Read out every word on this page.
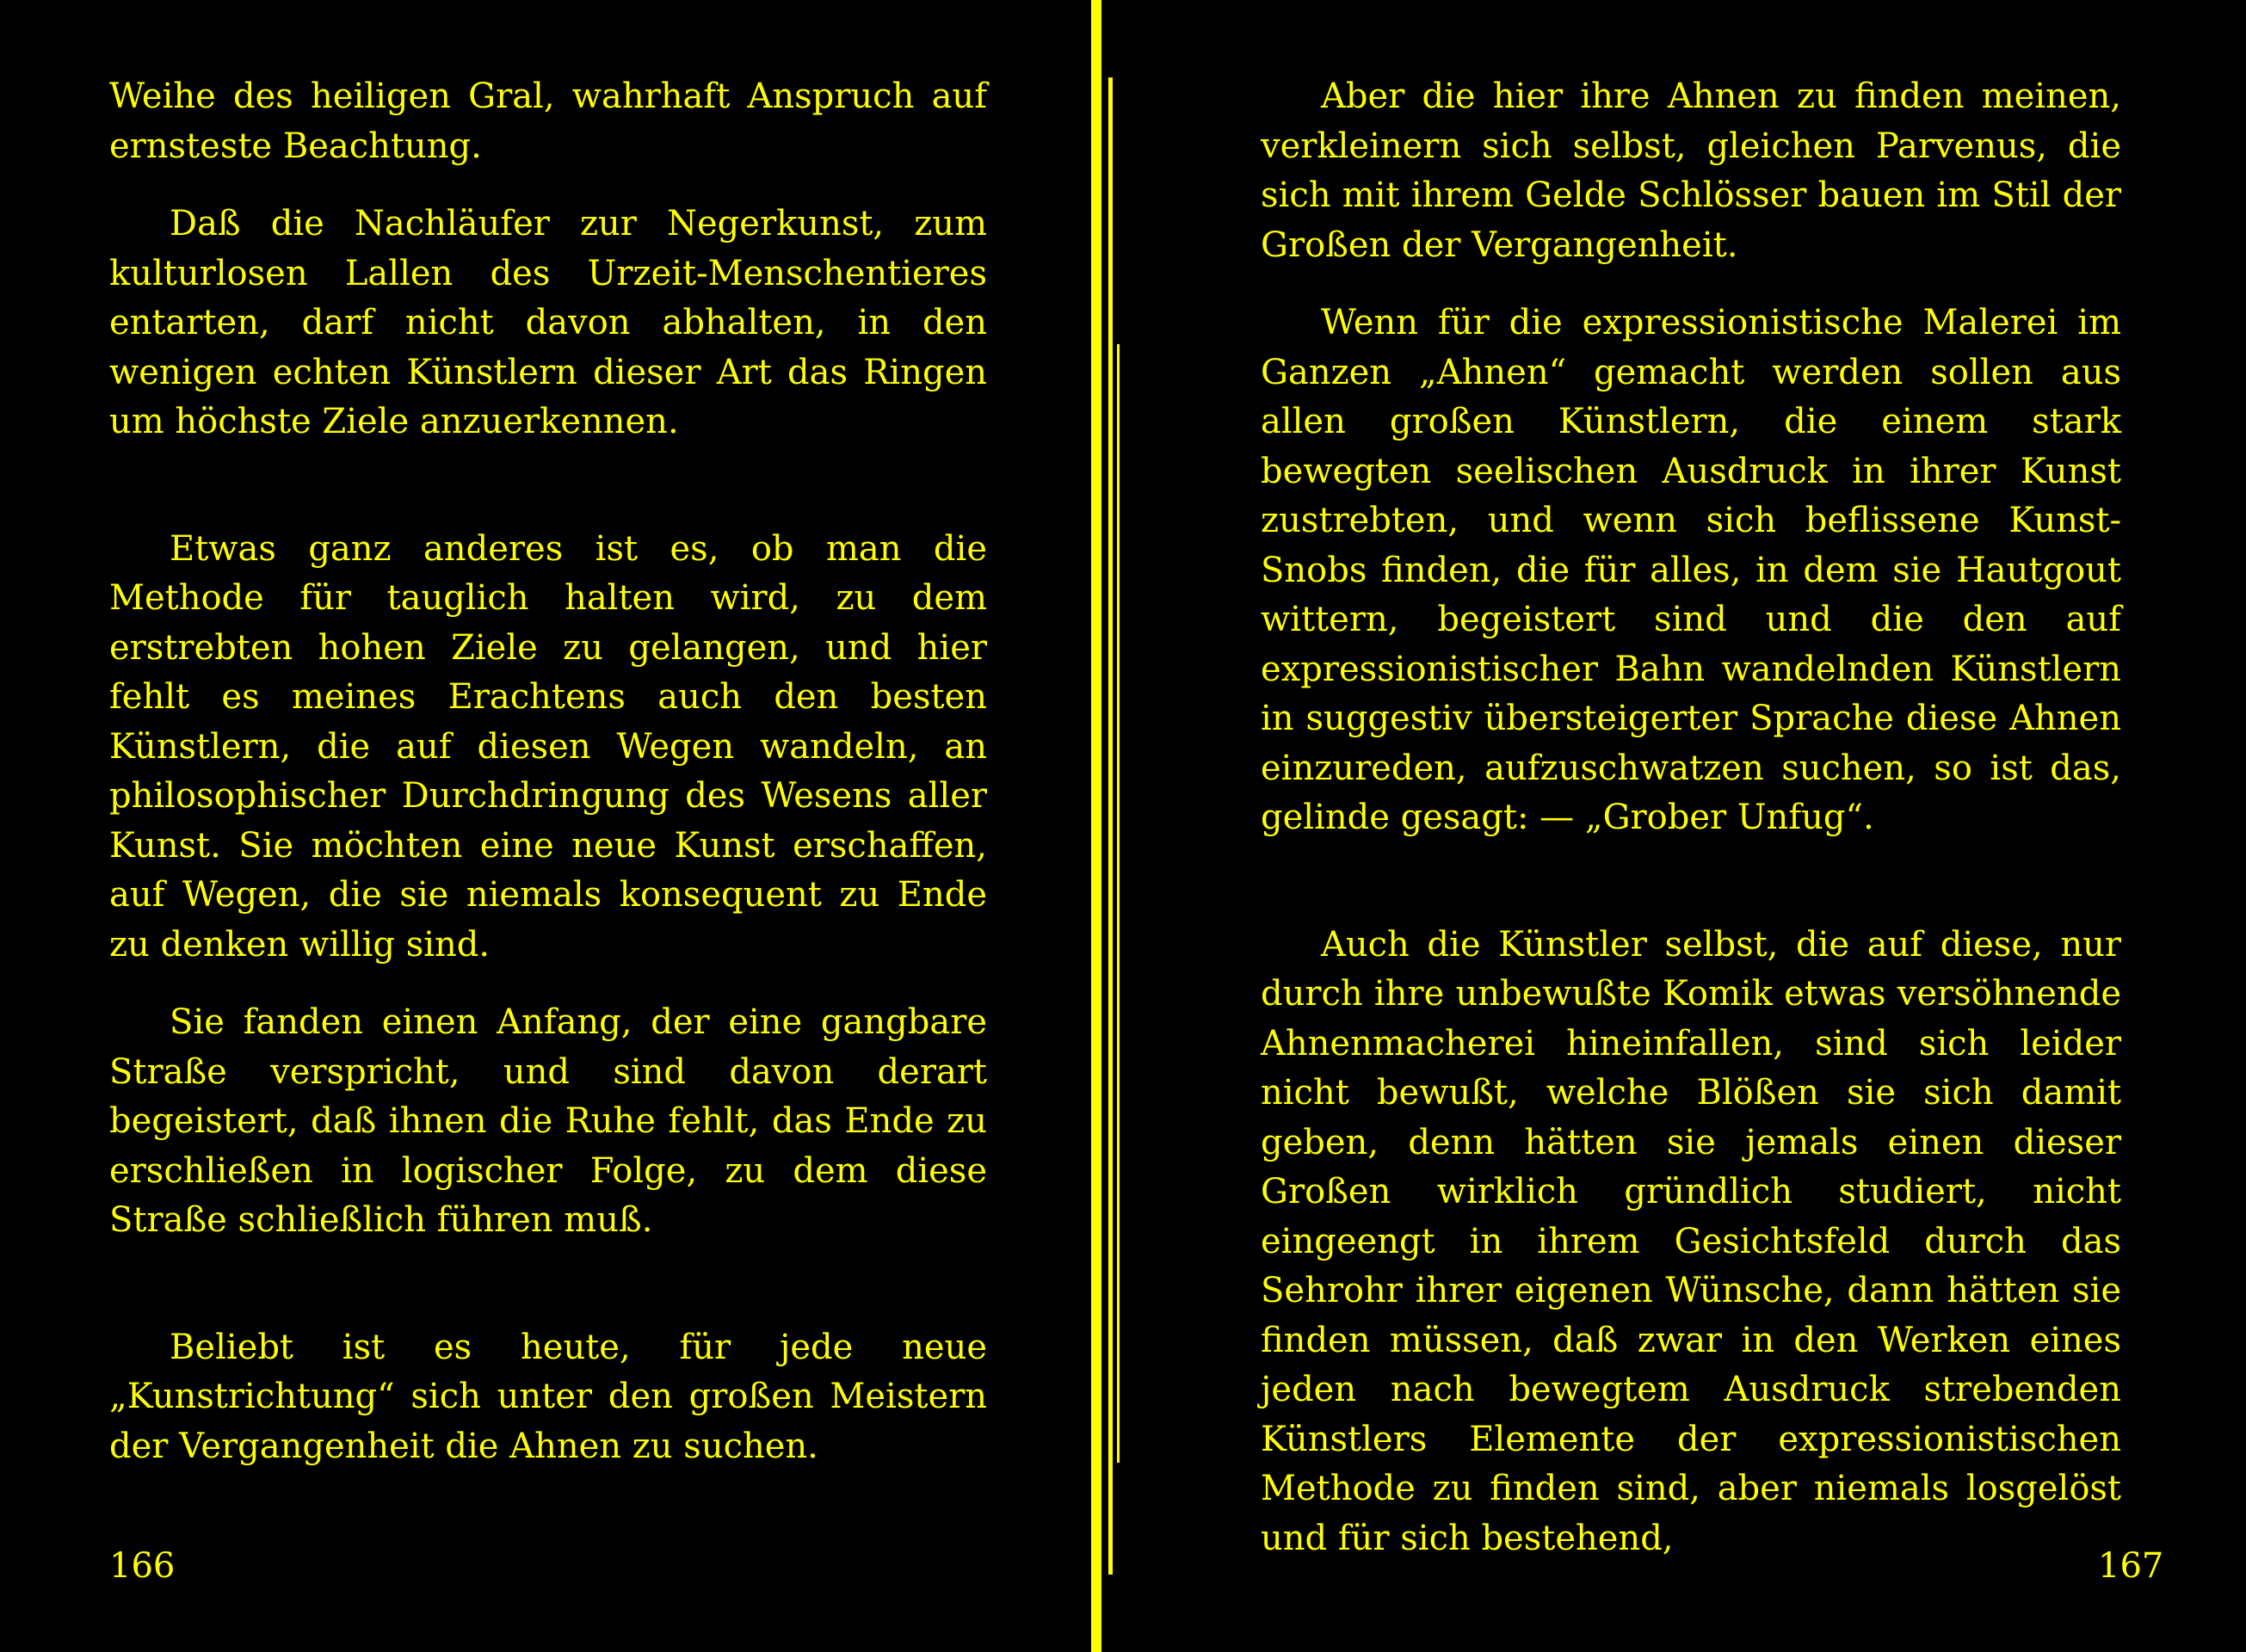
Weihe des heiligen Gral, wahrhaft Anspruch auf ernsteste Beachtung.

Daß die Nachläufer zur Negerkunst, zum kulturlosen Lallen des Urzeit-Menschentieres entarten, darf nicht davon abhalten, in den wenigen echten Künstlern dieser Art das Ringen um höchste Ziele anzuerkennen.

Etwas ganz anderes ist es, ob man die Methode für tauglich halten wird, zu dem erstrebten hohen Ziele zu gelangen, und hier fehlt es meines Erachtens auch den besten Künstlern, die auf diesen Wegen wandeln, an philosophischer Durchdringung des Wesens aller Kunst. Sie möchten eine neue Kunst erschaffen, auf Wegen, die sie niemals konsequent zu Ende zu denken willig sind.

Sie fanden einen Anfang, der eine gangbare Straße verspricht, und sind davon derart begeistert, daß ihnen die Ruhe fehlt, das Ende zu erschließen in logischer Folge, zu dem diese Straße schließlich führen muß.

Beliebt ist es heute, für jede neue „Kunstrichtung“ sich unter den großen Meistern der Vergangenheit die Ahnen zu suchen.

166

Aber die hier ihre Ahnen zu finden meinen, verkleinern sich selbst, gleichen Parvenus, die sich mit ihrem Gelde Schlösser bauen im Stil der Großen der Vergangenheit.

Wenn für die expressionistische Malerei im Ganzen „Ahnen“ gemacht werden sollen aus allen großen Künstlern, die einem stark bewegten seelischen Ausdruck in ihrer Kunst zustrebten, und wenn sich beflissene Kunst-Snobs finden, die für alles, in dem sie Hautgout wittern, begeistert sind und die den auf expressionistischer Bahn wandelnden Künstlern in suggestiv übersteigerter Sprache diese Ahnen einzureden, aufzuschwatzen suchen, so ist das, gelinde gesagt: — „Grober Unfug“.

Auch die Künstler selbst, die auf diese, nur durch ihre unbewußte Komik etwas versöhnende Ahnenmacherei hineinfallen, sind sich leider nicht bewußt, welche Blößen sie sich damit geben, denn hätten sie jemals einen dieser Großen wirklich gründlich studiert, nicht eingeengt in ihrem Gesichtsfeld durch das Sehrohr ihrer eigenen Wünsche, dann hätten sie finden müssen, daß zwar in den Werken eines jeden nach bewegtem Ausdruck strebenden Künstlers Elemente der expressionistischen Methode zu finden sind, aber niemals losgelöst und für sich bestehend,

167
